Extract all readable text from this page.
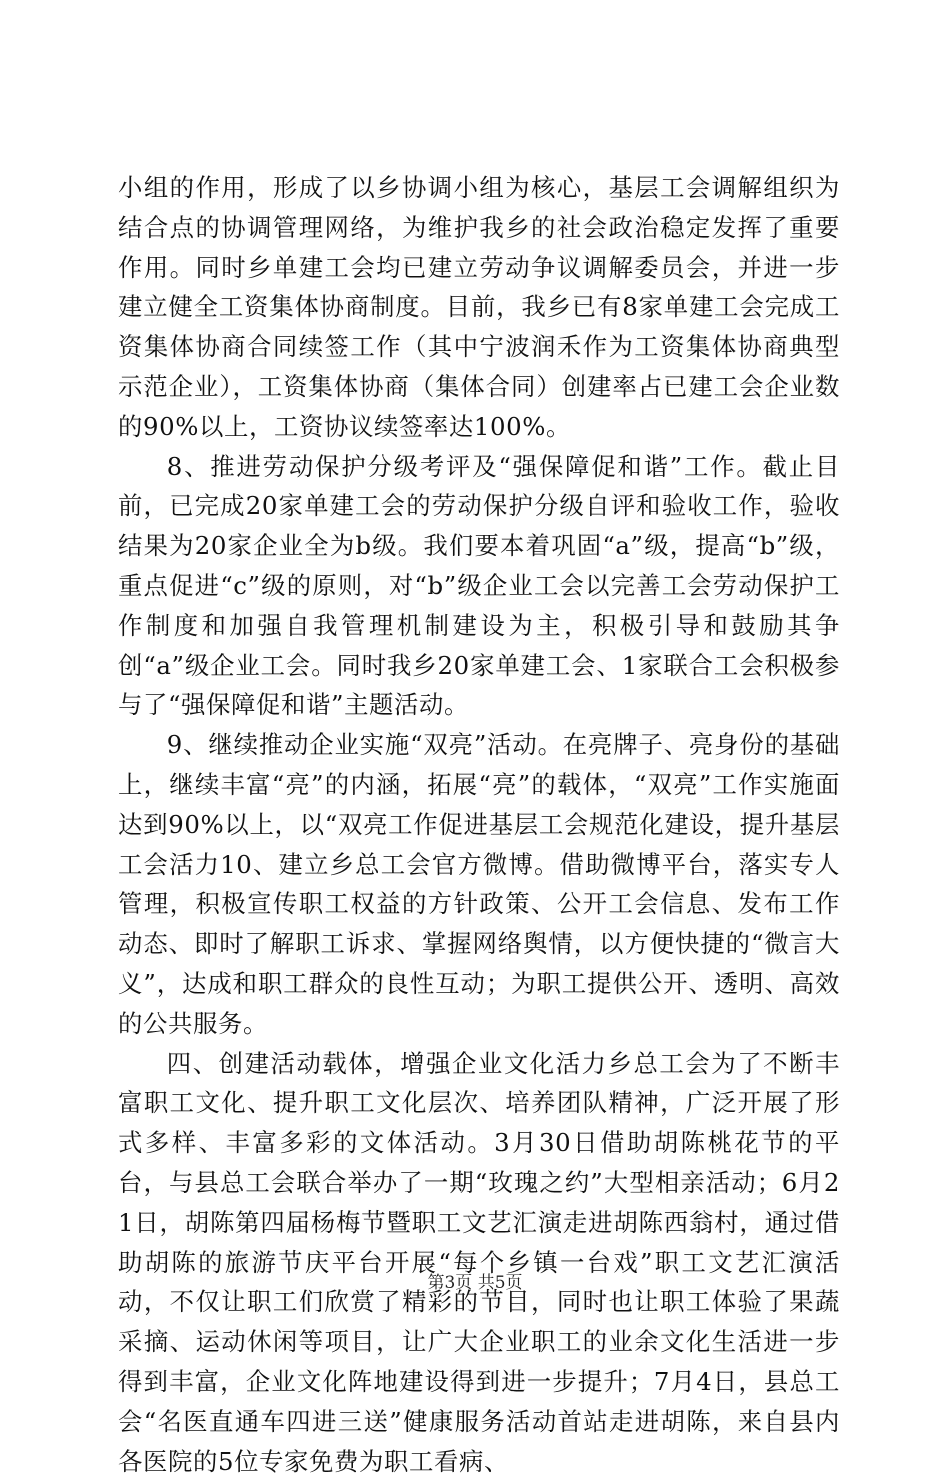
小组的作用，形成了以乡协调小组为核心，基层工会调解组织为结合点的协调管理网络，为维护我乡的社会政治稳定发挥了重要作用。同时乡单建工会均已建立劳动争议调解委员会，并进一步建立健全工资集体协商制度。目前，我乡已有8家单建工会完成工资集体协商合同续签工作（其中宁波润禾作为工资集体协商典型示范企业），工资集体协商（集体合同）创建率占已建工会企业数的90%以上，工资协议续签率达100%。

8、推进劳动保护分级考评及“强保障促和谐”工作。截止目前，已完成20家单建工会的劳动保护分级自评和验收工作，验收结果为20家企业全为b级。我们要本着巩固“a”级，提高“b”级，重点促进“c”级的原则，对“b”级企业工会以完善工会劳动保护工作制度和加强自我管理机制建设为主，积极引导和鼓励其争创“a”级企业工会。同时我乡20家单建工会、1家联合工会积极参与了“强保障促和谐”主题活动。

9、继续推动企业实施“双亮”活动。在亮牌子、亮身份的基础上，继续丰富“亮”的内涵，拓展“亮”的载体，“双亮”工作实施面达到90%以上，以“双亮工作促进基层工会规范化建设，提升基层工会活力10、建立乡总工会官方微博。借助微博平台，落实专人管理，积极宣传职工权益的方针政策、公开工会信息、发布工作动态、即时了解职工诉求、掌握网络舆情，以方便快捷的“微言大义”，达成和职工群众的良性互动；为职工提供公开、透明、高效的公共服务。

四、创建活动载体，增强企业文化活力乡总工会为了不断丰富职工文化、提升职工文化层次、培养团队精神，广泛开展了形式多样、丰富多彩的文体活动。3月30日借助胡陈桃花节的平台，与县总工会联合举办了一期“玫瑰之约”大型相亲活动；6月21日，胡陈第四届杨梅节暨职工文艺汇演走进胡陈西翁村，通过借助胡陈的旅游节庆平台开展“每个乡镇一台戏”职工文艺汇演活动，不仅让职工们欣赏了精彩的节目，同时也让职工体验了果蔬采摘、运动休闲等项目，让广大企业职工的业余文化生活进一步得到丰富，企业文化阵地建设得到进一步提升；7月4日，县总工会“名医直通车四进三送”健康服务活动首站走进胡陈，来自县内各医院的5位专家免费为职工看病、

第3页 共5页
